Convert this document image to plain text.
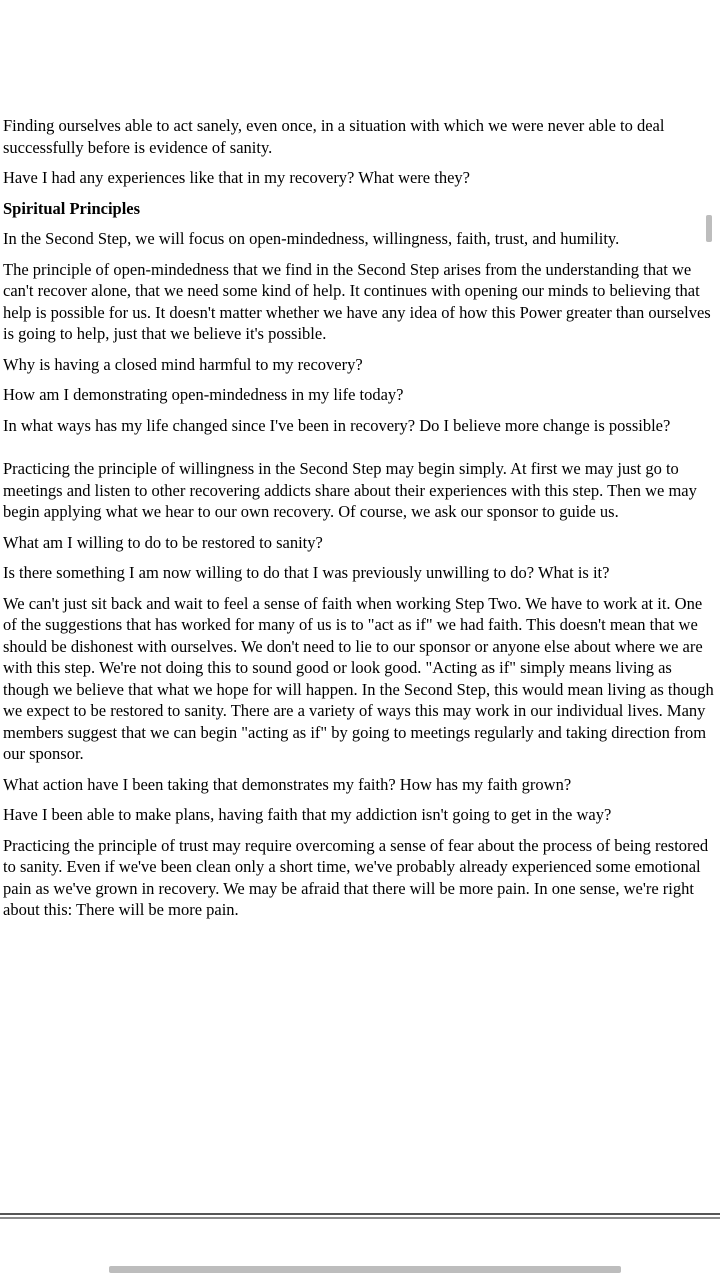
Finding ourselves able to act sanely, even once, in a situation with which we were never able to deal successfully before is evidence of sanity.

Have I had any experiences like that in my recovery? What were they?

Spiritual Principles

In the Second Step, we will focus on open-mindedness, willingness, faith, trust, and humility.

The principle of open-mindedness that we find in the Second Step arises from the understanding that we can't recover alone, that we need some kind of help. It continues with opening our minds to believing that help is possible for us. It doesn't matter whether we have any idea of how this Power greater than ourselves is going to help, just that we believe it's possible.

Why is having a closed mind harmful to my recovery?

How am I demonstrating open-mindedness in my life today?

In what ways has my life changed since I've been in recovery? Do I believe more change is possible?

Practicing the principle of willingness in the Second Step may begin simply. At first we may just go to meetings and listen to other recovering addicts share about their experiences with this step. Then we may begin applying what we hear to our own recovery. Of course, we ask our sponsor to guide us.

What am I willing to do to be restored to sanity?

Is there something I am now willing to do that I was previously unwilling to do? What is it?

We can't just sit back and wait to feel a sense of faith when working Step Two. We have to work at it. One of the suggestions that has worked for many of us is to "act as if" we had faith. This doesn't mean that we should be dishonest with ourselves. We don't need to lie to our sponsor or anyone else about where we are with this step. We're not doing this to sound good or look good. "Acting as if" simply means living as though we believe that what we hope for will happen. In the Second Step, this would mean living as though we expect to be restored to sanity. There are a variety of ways this may work in our individual lives. Many members suggest that we can begin "acting as if" by going to meetings regularly and taking direction from our sponsor.

What action have I been taking that demonstrates my faith? How has my faith grown?

Have I been able to make plans, having faith that my addiction isn't going to get in the way?

Practicing the principle of trust may require overcoming a sense of fear about the process of being restored to sanity. Even if we've been clean only a short time, we've probably already experienced some emotional pain as we've grown in recovery. We may be afraid that there will be more pain. In one sense, we're right about this: There will be more pain.
